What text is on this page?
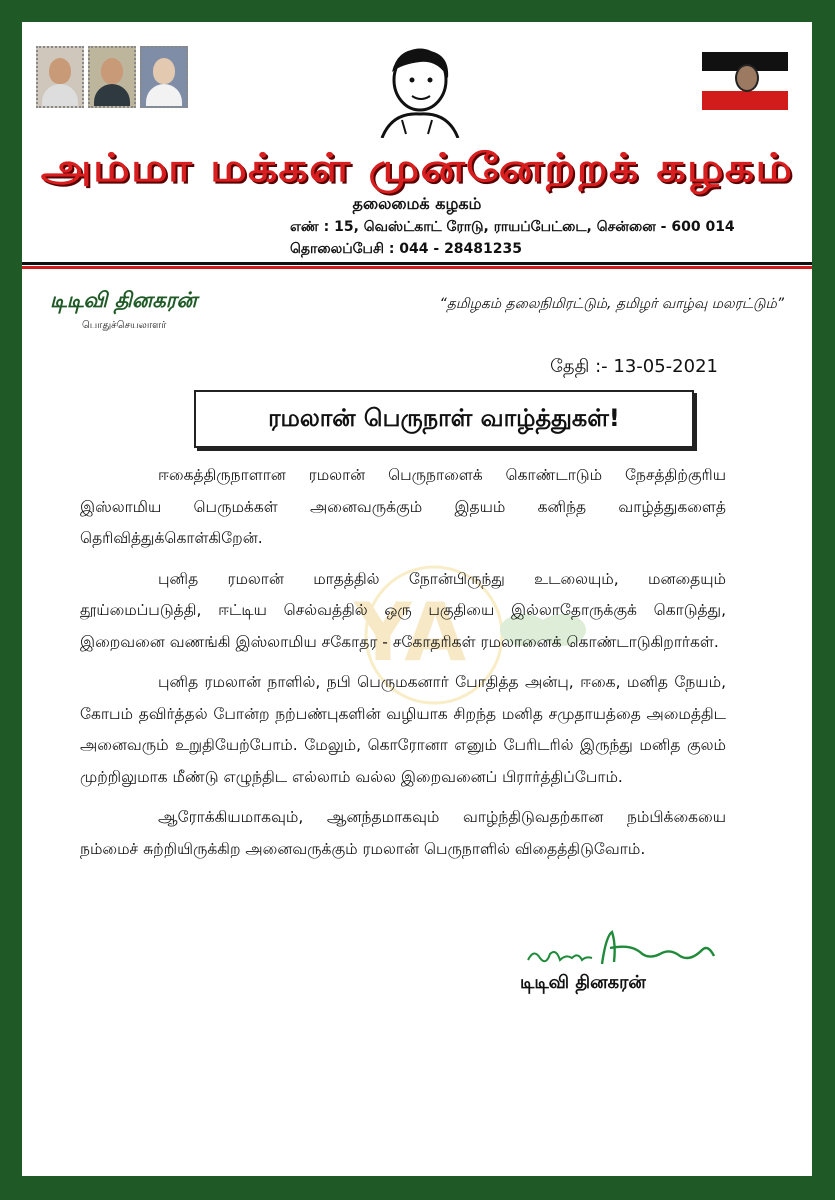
அம்மா மக்கள் முன்னேற்றக் கழகம்
தலைமைக் கழகம்
எண் : 15, வெஸ்ட்காட் ரோடு, ராயப்பேட்டை, சென்னை - 600 014
தொலைப்பேசி : 044 - 28481235
டிடிவி தினகரன்
பொதுச்செயலாளர்
“தமிழகம் தலைநிமிரட்டும், தமிழர் வாழ்வு மலரட்டும்”
தேதி :- 13-05-2021
ரமலான் பெருநாள் வாழ்த்துகள்!
YA

ஈகைத்திருநாளான ரமலான் பெருநாளைக் கொண்டாடும் நேசத்திற்குரிய இஸ்லாமிய பெருமக்கள் அனைவருக்கும் இதயம் கனிந்த வாழ்த்துகளைத் தெரிவித்துக்கொள்கிறேன்.

புனித ரமலான் மாதத்தில் நோன்பிருந்து உடலையும், மனதையும் தூய்மைப்படுத்தி, ஈட்டிய செல்வத்தில் ஒரு பகுதியை இல்லாதோருக்குக் கொடுத்து, இறைவனை வணங்கி இஸ்லாமிய சகோதர - சகோதரிகள் ரமலானைக் கொண்டாடுகிறார்கள்.

புனித ரமலான் நாளில், நபி பெருமகனார் போதித்த அன்பு, ஈகை, மனித நேயம், கோபம் தவிர்த்தல் போன்ற நற்பண்புகளின் வழியாக சிறந்த மனித சமுதாயத்தை அமைத்திட அனைவரும் உறுதியேற்போம். மேலும், கொரோனா எனும் பேரிடரில் இருந்து மனித குலம் முற்றிலுமாக மீண்டு எழுந்திட எல்லாம் வல்ல இறைவனைப் பிரார்த்திப்போம்.

ஆரோக்கியமாகவும், ஆனந்தமாகவும் வாழ்ந்திடுவதற்கான நம்பிக்கையை நம்மைச் சுற்றியிருக்கிற அனைவருக்கும் ரமலான் பெருநாளில் விதைத்திடுவோம்.

டிடிவி தினகரன்
